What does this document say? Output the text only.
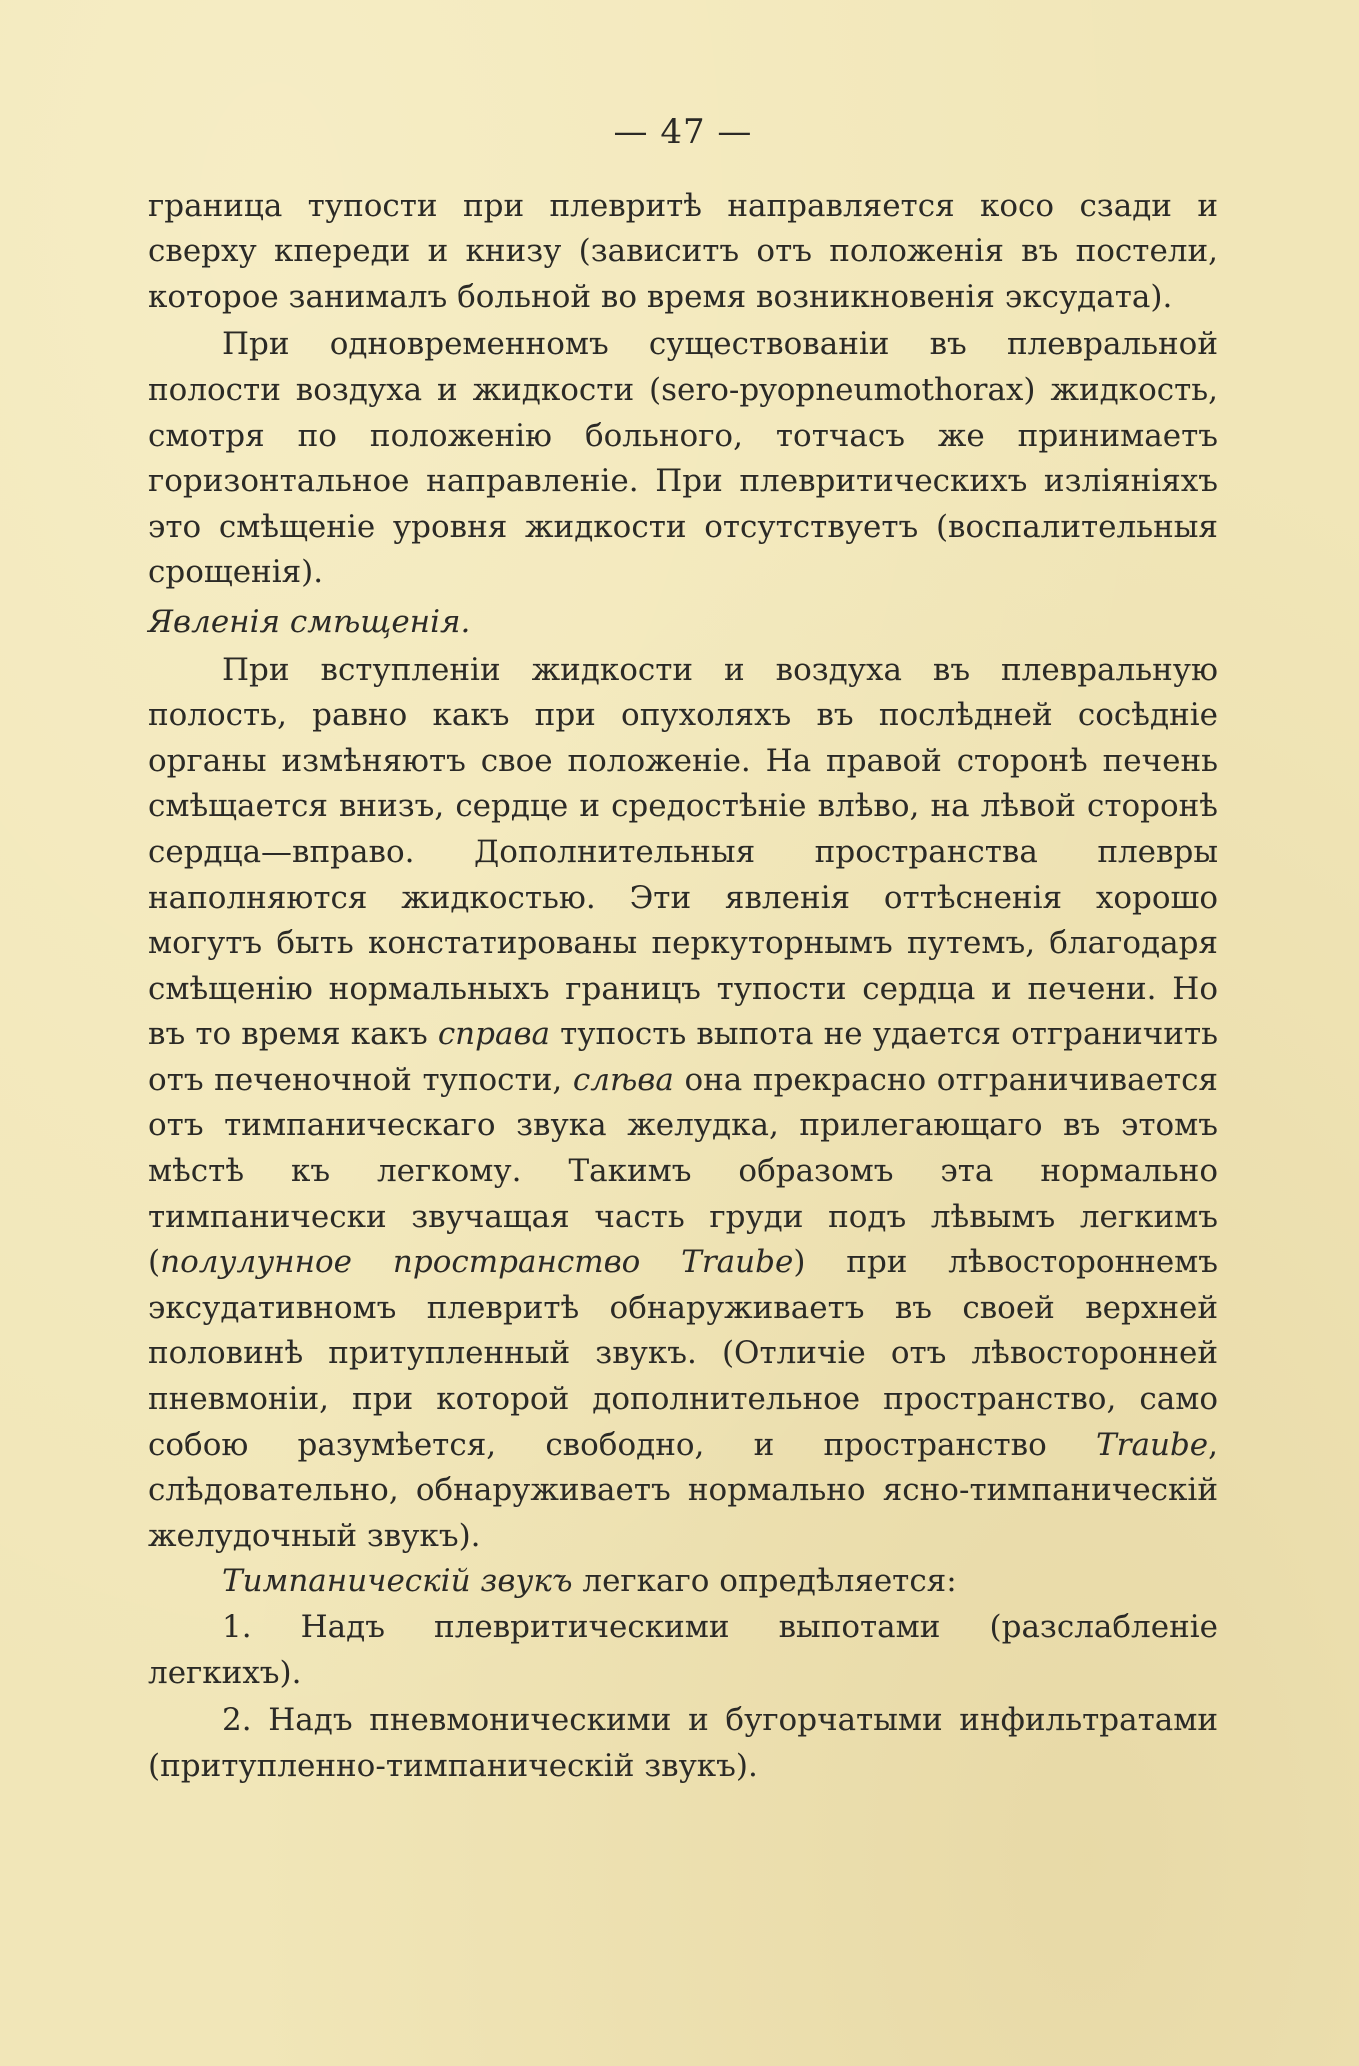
— 47 —

граница тупости при плевритѣ направляется косо сзади и сверху кпереди и книзу (зависитъ отъ положенія въ постели, которое занималъ больной во время возникновенія эксудата).

При одновременномъ существованіи въ плевральной полости воздуха и жидкости (sero-pyopneumothorax) жидкость, смотря по положенію больного, тотчасъ же принимаетъ горизонтальное направленіе. При плевритическихъ изліяніяхъ это смѣщеніе уровня жидкости отсутствуетъ (воспалительныя срощенія).

Явленія смѣщенія.

При вступленіи жидкости и воздуха въ плевральную полость, равно какъ при опухоляхъ въ послѣдней сосѣдніе органы измѣняютъ свое положеніе. На правой сторонѣ печень смѣщается внизъ, сердце и средостѣніе влѣво, на лѣвой сторонѣ сердца—вправо. Дополнительныя пространства плевры наполняются жидкостью. Эти явленія оттѣсненія хорошо могутъ быть констатированы перкуторнымъ путемъ, благодаря смѣщенію нормальныхъ границъ тупости сердца и печени. Но въ то время какъ справа тупость выпота не удается отграничить отъ печеночной тупости, слѣва она прекрасно отграничивается отъ тимпаническаго звука желудка, прилегающаго въ этомъ мѣстѣ къ легкому. Такимъ образомъ эта нормально тимпанически звучащая часть груди подъ лѣвымъ легкимъ (полулунное пространство Traube) при лѣвостороннемъ эксудативномъ плевритѣ обнаруживаетъ въ своей верхней половинѣ притупленный звукъ. (Отличіе отъ лѣвосторонней пневмоніи, при которой дополнительное пространство, само собою разумѣется, свободно, и пространство Traube, слѣдовательно, обнаруживаетъ нормально ясно-тимпаническій желудочный звукъ).

Тимпаническій звукъ легкаго опредѣляется:

1. Надъ плевритическими выпотами (разслабленіе легкихъ).

2. Надъ пневмоническими и бугорчатыми инфильтратами (притупленно-тимпаническій звукъ).
